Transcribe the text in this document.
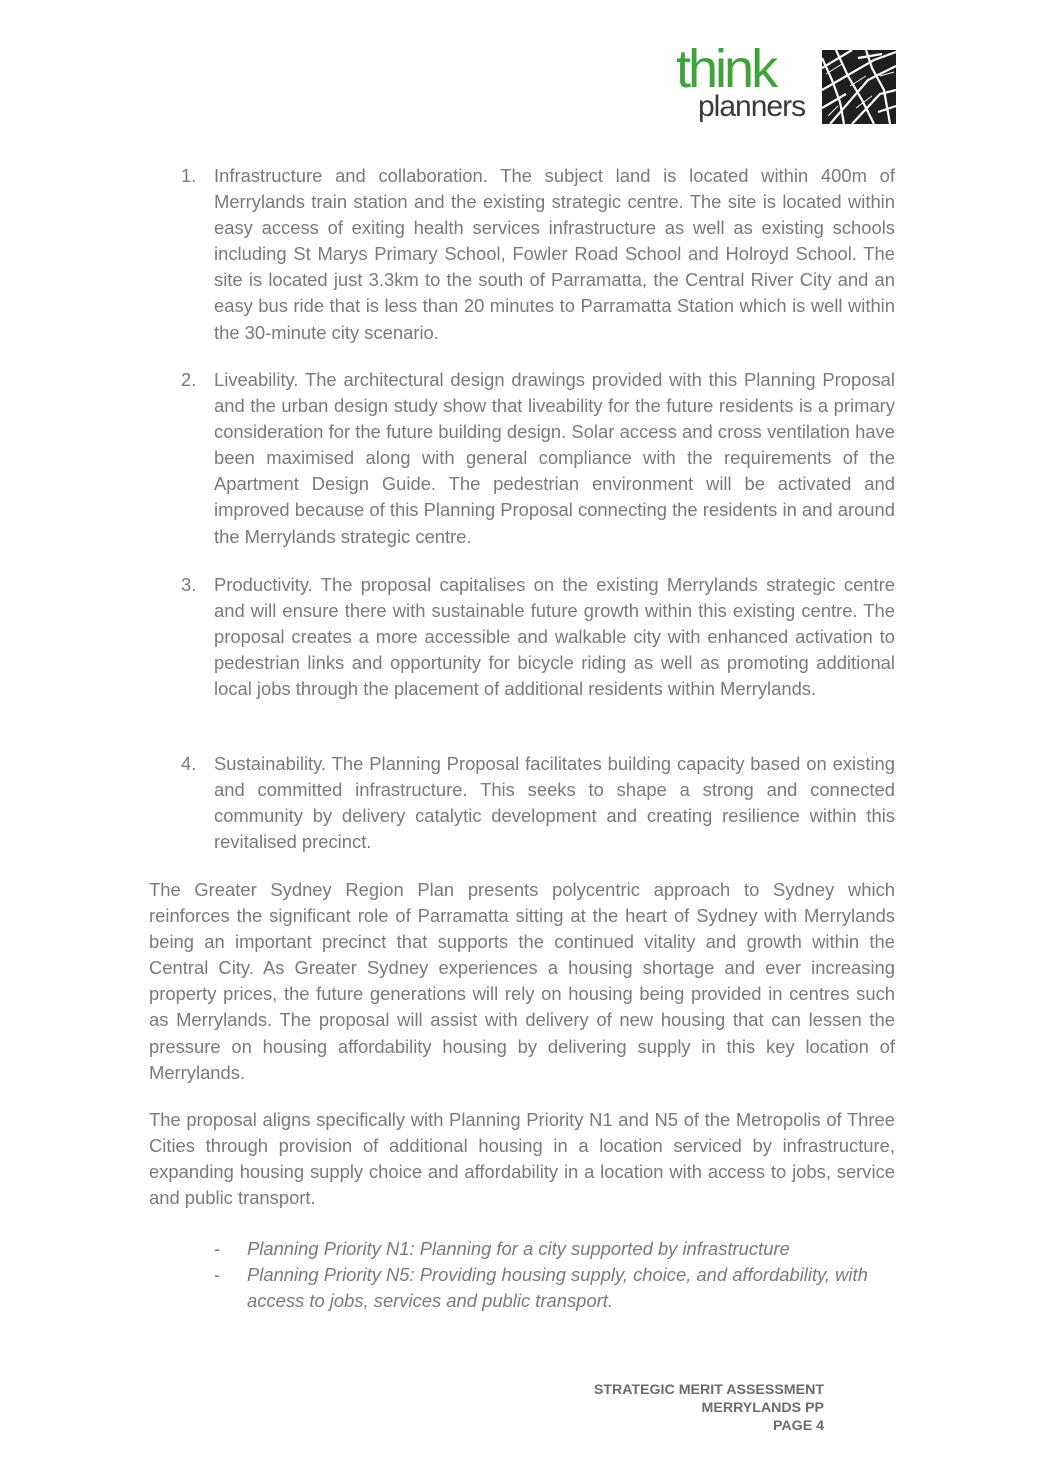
think
planners
1. Infrastructure and collaboration. The subject land is located within 400m of Merrylands train station and the existing strategic centre. The site is located within easy access of exiting health services infrastructure as well as existing schools including St Marys Primary School, Fowler Road School and Holroyd School. The site is located just 3.3km to the south of Parramatta, the Central River City and an easy bus ride that is less than 20 minutes to Parramatta Station which is well within the 30-minute city scenario.
2. Liveability. The architectural design drawings provided with this Planning Proposal and the urban design study show that liveability for the future residents is a primary consideration for the future building design. Solar access and cross ventilation have been maximised along with general compliance with the requirements of the Apartment Design Guide. The pedestrian environment will be activated and improved because of this Planning Proposal connecting the residents in and around the Merrylands strategic centre.
3. Productivity. The proposal capitalises on the existing Merrylands strategic centre and will ensure there with sustainable future growth within this existing centre. The proposal creates a more accessible and walkable city with enhanced activation to pedestrian links and opportunity for bicycle riding as well as promoting additional local jobs through the placement of additional residents within Merrylands.
4. Sustainability. The Planning Proposal facilitates building capacity based on existing and committed infrastructure. This seeks to shape a strong and connected community by delivery catalytic development and creating resilience within this revitalised precinct.
The Greater Sydney Region Plan presents polycentric approach to Sydney which reinforces the significant role of Parramatta sitting at the heart of Sydney with Merrylands being an important precinct that supports the continued vitality and growth within the Central City. As Greater Sydney experiences a housing shortage and ever increasing property prices, the future generations will rely on housing being provided in centres such as Merrylands. The proposal will assist with delivery of new housing that can lessen the pressure on housing affordability housing by delivering supply in this key location of Merrylands.
The proposal aligns specifically with Planning Priority N1 and N5 of the Metropolis of Three Cities through provision of additional housing in a location serviced by infrastructure, expanding housing supply choice and affordability in a location with access to jobs, service and public transport.
- Planning Priority N1: Planning for a city supported by infrastructure
- Planning Priority N5: Providing housing supply, choice, and affordability, with access to jobs, services and public transport.
STRATEGIC MERIT ASSESSMENT
MERRYLANDS PP
PAGE 4
